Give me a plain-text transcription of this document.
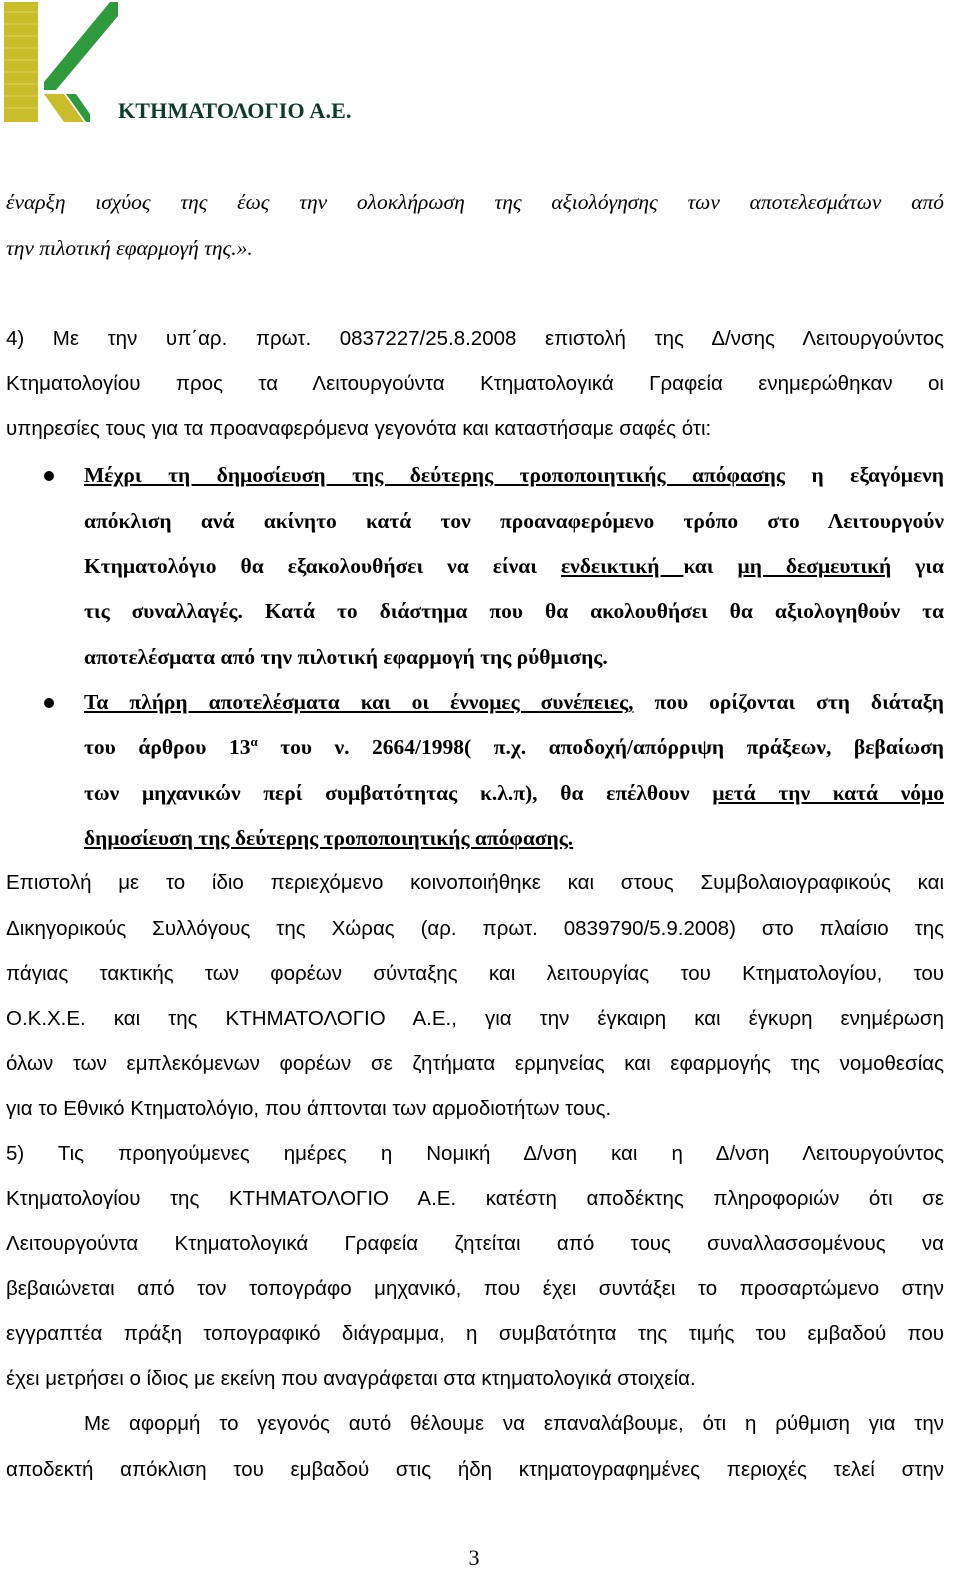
ΚΤΗΜΑΤΟΛΟΓΙΟ Α.Ε.
έναρξη ισχύος της έως την ολοκλήρωση της αξιολόγησης των αποτελεσμάτων από
την πιλοτική εφαρμογή της.».
4) Με την υπ΄αρ. πρωτ. 0837227/25.8.2008 επιστολή της Δ/νσης Λειτουργούντος
Κτηματολογίου προς τα Λειτουργούντα Κτηματολογικά Γραφεία ενημερώθηκαν οι
υπηρεσίες τους για τα προαναφερόμενα γεγονότα και καταστήσαμε σαφές ότι:
Μέχρι τη δημοσίευση της δεύτερης τροποποιητικής απόφασης η εξαγόμενη
απόκλιση ανά ακίνητο κατά τον προαναφερόμενο τρόπο στο Λειτουργούν
Κτηματολόγιο θα εξακολουθήσει να είναι ενδεικτική και μη δεσμευτική για
τις συναλλαγές. Κατά το διάστημα που θα ακολουθήσει θα αξιολογηθούν τα
αποτελέσματα από την πιλοτική εφαρμογή της ρύθμισης.
Τα πλήρη αποτελέσματα και οι έννομες συνέπειες, που ορίζονται στη διάταξη
του άρθρου $13^\alpha$ του ν. 2664/1998( π.χ. αποδοχή/απόρριψη πράξεων, βεβαίωση
των μηχανικών περί συμβατότητας κ.λ.π), θα επέλθουν μετά την κατά νόμο
δημοσίευση της δεύτερης τροποποιητικής απόφασης.
Επιστολή με το ίδιο περιεχόμενο κοινοποιήθηκε και στους Συμβολαιογραφικούς και
Δικηγορικούς Συλλόγους της Χώρας (αρ. πρωτ. 0839790/5.9.2008) στο πλαίσιο της
πάγιας τακτικής των φορέων σύνταξης και λειτουργίας του Κτηματολογίου, του
Ο.Κ.Χ.Ε. και της ΚΤΗΜΑΤΟΛΟΓΙΟ Α.Ε., για την έγκαιρη και έγκυρη ενημέρωση
όλων των εμπλεκόμενων φορέων σε ζητήματα ερμηνείας και εφαρμογής της νομοθεσίας
για το Εθνικό Κτηματολόγιο, που άπτονται των αρμοδιοτήτων τους.
5) Τις προηγούμενες ημέρες η Νομική Δ/νση και η Δ/νση Λειτουργούντος
Κτηματολογίου της ΚΤΗΜΑΤΟΛΟΓΙΟ Α.Ε. κατέστη αποδέκτης πληροφοριών ότι σε
Λειτουργούντα Κτηματολογικά Γραφεία ζητείται από τους συναλλασσομένους να
βεβαιώνεται από τον τοπογράφο μηχανικό, που έχει συντάξει το προσαρτώμενο στην
εγγραπτέα πράξη τοπογραφικό διάγραμμα, η συμβατότητα της τιμής του εμβαδού που
έχει μετρήσει ο ίδιος με εκείνη που αναγράφεται στα κτηματολογικά στοιχεία.
Με αφορμή το γεγονός αυτό θέλουμε να επαναλάβουμε, ότι η ρύθμιση για την
αποδεκτή απόκλιση του εμβαδού στις ήδη κτηματογραφημένες περιοχές τελεί στην
3
